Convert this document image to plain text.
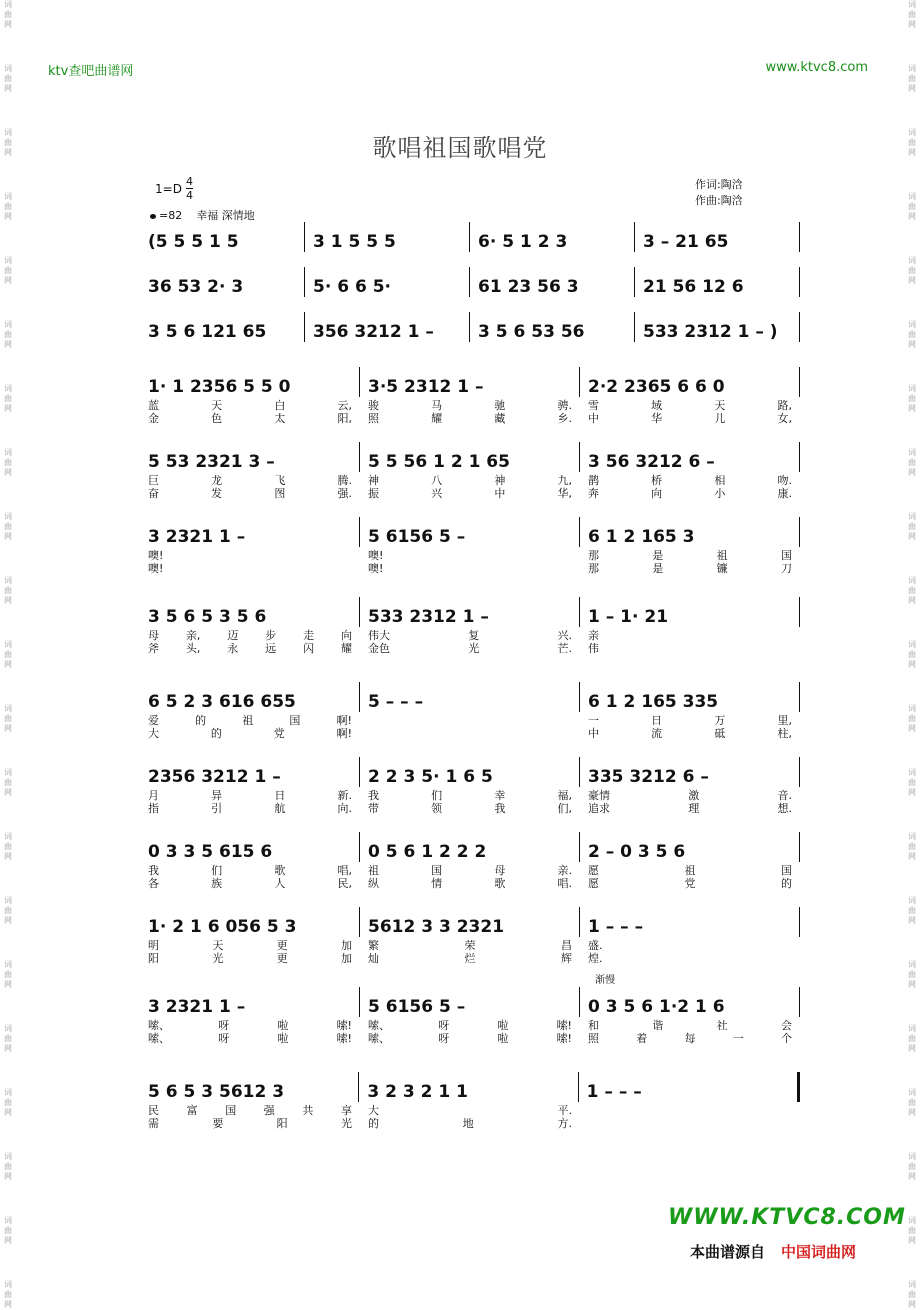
词
曲
网
词
曲
网
词
曲
网
词
曲
网
词
曲
网
词
曲
网
词
曲
网
词
曲
网
词
曲
网
词
曲
网
词
曲
网
词
曲
网
词
曲
网
词
曲
网
词
曲
网
词
曲
网
词
曲
网
词
曲
网
词
曲
网
词
曲
网
词
曲
网
词
曲
网
词
曲
网
词
曲
网
词
曲
网
词
曲
网
词
曲
网
词
曲
网
词
曲
网
词
曲
网
词
曲
网
词
曲
网
词
曲
网
词
曲
网
词
曲
网
词
曲
网
词
曲
网
词
曲
网
词
曲
网
词
曲
网
词
曲
网
词
曲
网
ktv查吧曲谱网	www.ktvc8.com
歌唱祖国歌唱党
$1=D \frac{4}{4}$
=82 幸福 深情地
作词:陶浛
作曲:陶浛
(5 5 5 1 5	3 1 5 5 5	6· 5 1 2 3	3 – 21 65
36 53 2· 3	5· 6 6 5·	61 23 56 3	21 56 12 6
3 5 6 121 65	356 3212 1 –	3 5 6 53 56	533 2312 1 – )
1· 1 2356 5 5 0	3·5 2312 1 –	2·2 2365 6 6 0
蓝	天	白	云, 骏	马	驰	骋. 雪	域	天	路,
金	色	太	阳, 照	耀	藏	乡. 中	华	儿	女,
5 53 2321 3 –	5 5 56 1 2 1 65	3 56 3212 6 –
巨	龙	飞	腾. 神	八	神	九, 鹊	桥	相	吻.
奋	发	图	强. 振	兴	中	华, 奔	向	小	康.
3 2321 1 –	5 6156 5 –	6 1 2 165 3
噢!	噢!	那	是	祖	国
噢!	噢!	那	是	镰	刀
3 5 6 5 3 5 6	533 2312 1 –	1 – 1· 21
母 亲, 迈 步 走 向 伟大	复	兴. 亲
斧 头, 永 远 闪 耀 金色	光	芒. 伟
6 5 2 3 616 655	5 – – –	6 1 2 165 335
爱	的	祖	国	啊!	一	日	万	里,
大	的	党	啊!	中	流	砥	柱,
2356 3212 1 –	2 2 3 5· 1 6 5	335 3212 6 –
月	异	日	新. 我	们	幸	福, 豪情	激	音.
指	引	航	向. 带	领	我	们, 追求	理	想.
0 3 3 5 615 6	0 5 6 1 2 2 2	2 – 0 3 5 6
我	们	歌	唱, 祖	国	母	亲. 愿	祖	国
各	族	人	民, 纵	情	歌	唱. 愿	党	的
1· 2 1 6 056 5 3	5612 3 3 2321	1 – – –
明	天	更	加 繁	荣	昌 盛.
阳	光	更	加 灿	烂	辉 煌.
3 2321 1 –	5 6156 5 –	0 3 5 6 1·2 1 6
嗦、	呀	啦	嗦! 嗦、	呀	啦	嗦! 和	谐	社	会
嗦、	呀	啦	嗦! 嗦、	呀	啦	嗦! 照	着	每	一	个
渐慢
5 6 5 3 5612 3	3 2 3 2 1 1	1 – – –
民	富	国	强	共	享 大	平.
需	要	阳	光 的	地	方.
WWW.KTVC8.COM
本曲谱源自 中国词曲网
